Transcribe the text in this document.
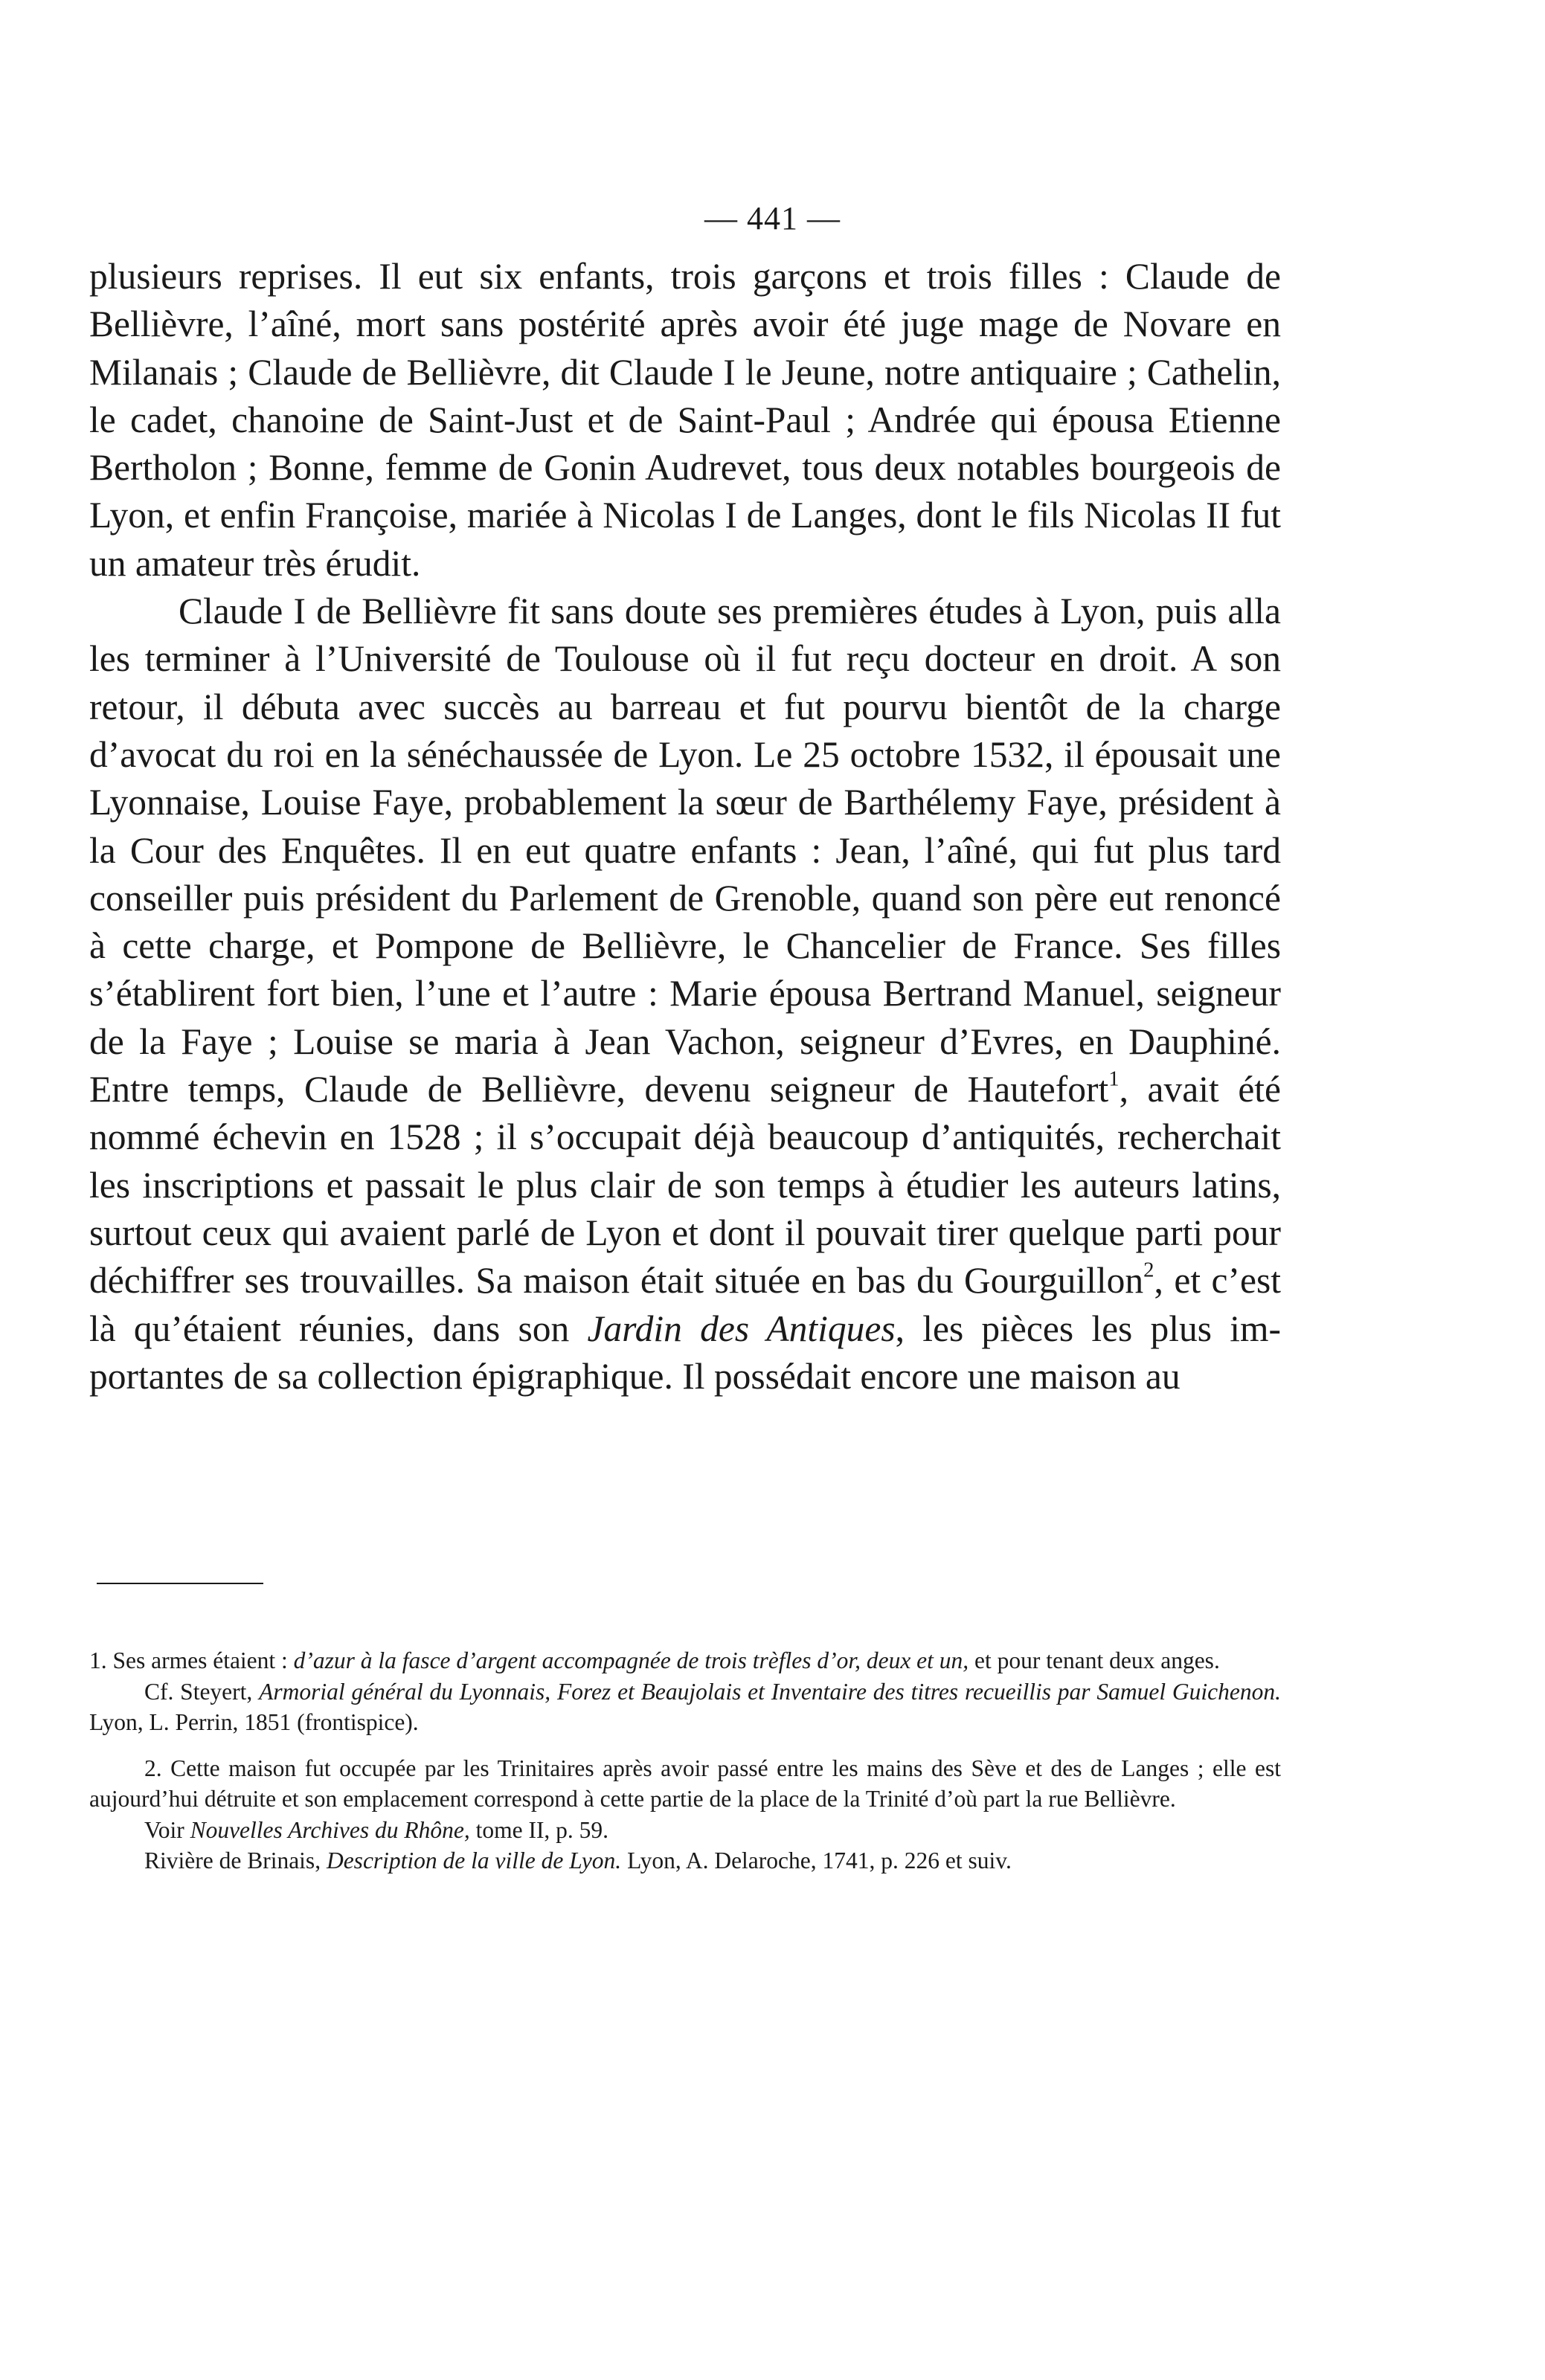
— 441 —

plusieurs reprises. Il eut six enfants, trois garçons et trois filles : Claude de Bellièvre, l’aîné, mort sans postérité après avoir été juge mage de Novare en Milanais ; Claude de Bellièvre, dit Claude I le Jeune, notre antiquaire ; Cathelin, le cadet, chanoine de Saint-Just et de Saint-Paul ; Andrée qui épousa Etienne Bertholon ; Bonne, femme de Gonin Audrevet, tous deux notables bourgeois de Lyon, et enfin Françoise, mariée à Nicolas I de Langes, dont le fils Nicolas II fut un amateur très érudit.

Claude I de Bellièvre fit sans doute ses premières études à Lyon, puis alla les terminer à l’Université de Toulouse où il fut reçu docteur en droit. A son retour, il débuta avec succès au barreau et fut pourvu bientôt de la charge d’avocat du roi en la sénéchaussée de Lyon. Le 25 octobre 1532, il épousait une Lyonnaise, Louise Faye, probablement la sœur de Barthélemy Faye, président à la Cour des Enquêtes. Il en eut quatre enfants : Jean, l’aîné, qui fut plus tard conseiller puis président du Parlement de Grenoble, quand son père eut renoncé à cette charge, et Pompone de Bellièvre, le Chancelier de France. Ses filles s’établirent fort bien, l’une et l’autre : Marie épousa Bertrand Manuel, seigneur de la Faye ; Louise se maria à Jean Vachon, seigneur d’Evres, en Dauphiné. Entre temps, Claude de Bellièvre, devenu seigneur de Hautefort$^1$, avait été nommé échevin en 1528 ; il s’occupait déjà beaucoup d’antiquités, recherchait les inscriptions et passait le plus clair de son temps à étudier les auteurs latins, surtout ceux qui avaient parlé de Lyon et dont il pouvait tirer quelque parti pour déchiffrer ses trouvailles. Sa maison était située en bas du Gourguillon$^2$, et c’est là qu’étaient réunies, dans son Jardin des Antiques, les pièces les plus importantes de sa collection épigraphique. Il possédait encore une maison au

1. Ses armes étaient : d’azur à la fasce d’argent accompagnée de trois trèfles d’or, deux et un, et pour tenant deux anges.

Cf. Steyert, Armorial général du Lyonnais, Forez et Beaujolais et Inventaire des titres recueillis par Samuel Guichenon. Lyon, L. Perrin, 1851 (frontispice).

2. Cette maison fut occupée par les Trinitaires après avoir passé entre les mains des Sève et des de Langes ; elle est aujourd’hui détruite et son emplacement correspond à cette partie de la place de la Trinité d’où part la rue Bellièvre.

Voir Nouvelles Archives du Rhône, tome II, p. 59.

Rivière de Brinais, Description de la ville de Lyon. Lyon, A. Delaroche, 1741, p. 226 et suiv.
